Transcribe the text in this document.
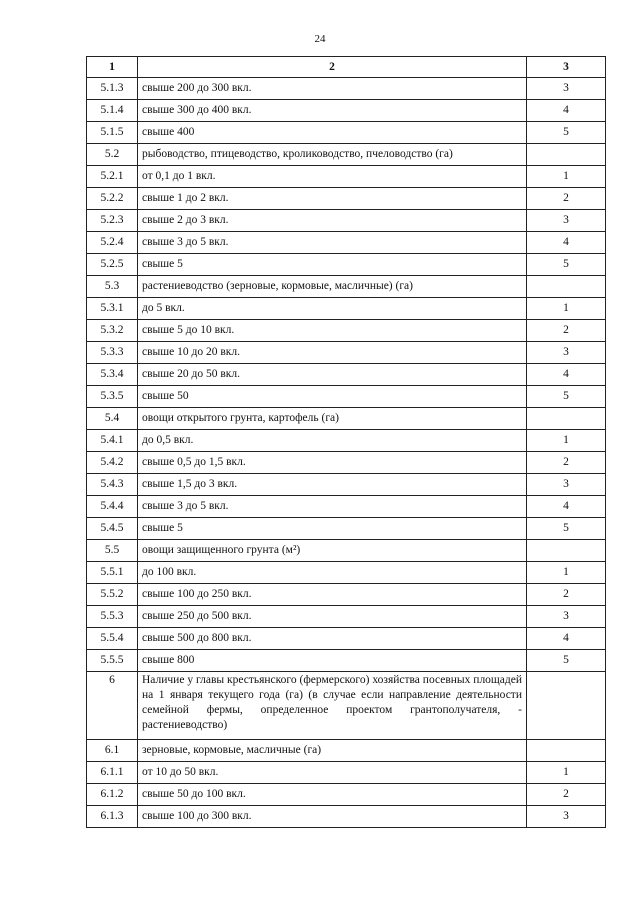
24
1	2	3
5.1.3	свыше 200 до 300 вкл.	3
5.1.4	свыше 300 до 400 вкл.	4
5.1.5	свыше 400	5
5.2	рыбоводство, птицеводство, кролиководство, пчеловодство (га)	
5.2.1	от 0,1 до 1 вкл.	1
5.2.2	свыше 1 до 2 вкл.	2
5.2.3	свыше 2 до 3 вкл.	3
5.2.4	свыше 3 до 5 вкл.	4
5.2.5	свыше 5	5
5.3	растениеводство (зерновые, кормовые, масличные) (га)	
5.3.1	до 5 вкл.	1
5.3.2	свыше 5 до 10 вкл.	2
5.3.3	свыше 10 до 20 вкл.	3
5.3.4	свыше 20 до 50 вкл.	4
5.3.5	свыше 50	5
5.4	овощи открытого грунта, картофель (га)	
5.4.1	до 0,5 вкл.	1
5.4.2	свыше 0,5 до 1,5 вкл.	2
5.4.3	свыше 1,5 до 3 вкл.	3
5.4.4	свыше 3 до 5 вкл.	4
5.4.5	свыше 5	5
5.5	овощи защищенного грунта (м²)	
5.5.1	до 100 вкл.	1
5.5.2	свыше 100 до 250 вкл.	2
5.5.3	свыше 250 до 500 вкл.	3
5.5.4	свыше 500 до 800 вкл.	4
5.5.5	свыше 800	5
6	Наличие у главы крестьянского (фермерского) хозяйства посевных площадей на 1 января текущего года (га) (в случае если направление деятельности семейной фермы, определенное проектом грантополучателя, - растениеводство)	
6.1	зерновые, кормовые, масличные (га)	
6.1.1	от 10 до 50 вкл.	1
6.1.2	свыше 50 до 100 вкл.	2
6.1.3	свыше 100 до 300 вкл.	3
